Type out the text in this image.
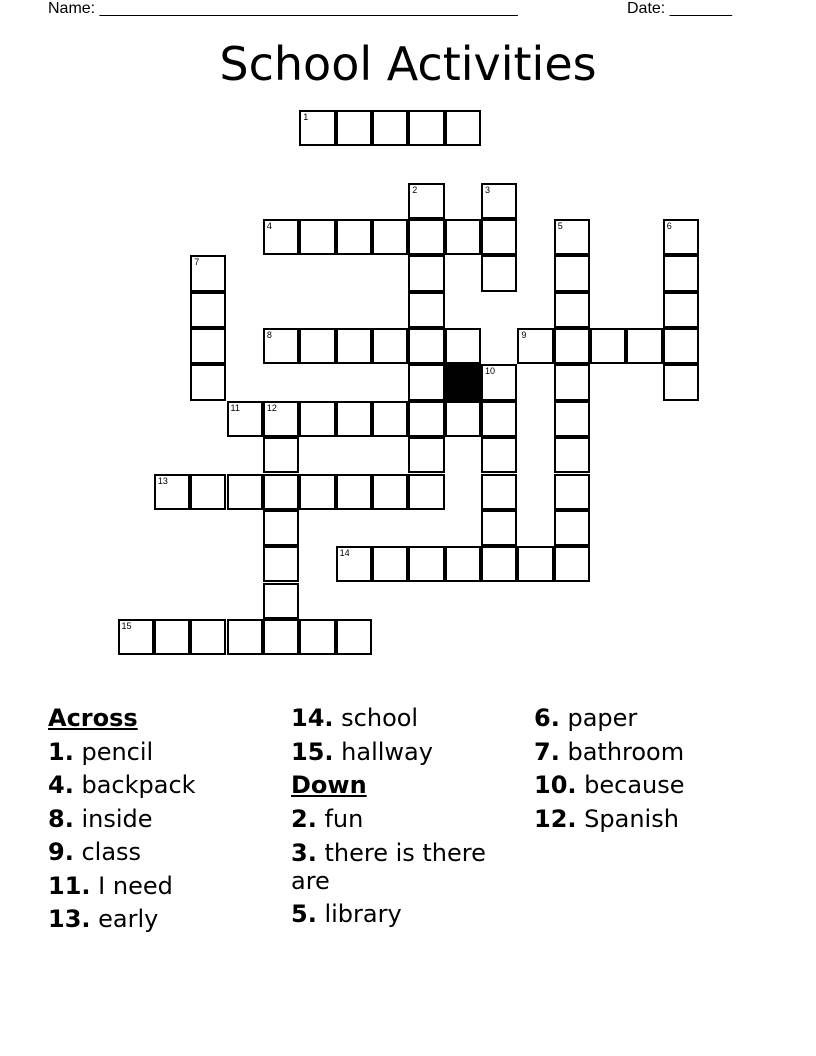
Name: _______________________________________________	Date: _______
School Activities
1
2	3
4	5	6
7
8	9
10
11	12
13
14
15
Across
1. pencil
4. backpack
8. inside
9. class
11. I need
13. early
14. school
15. hallway
Down
2. fun
3. there is there are
5. library
6. paper
7. bathroom
10. because
12. Spanish
